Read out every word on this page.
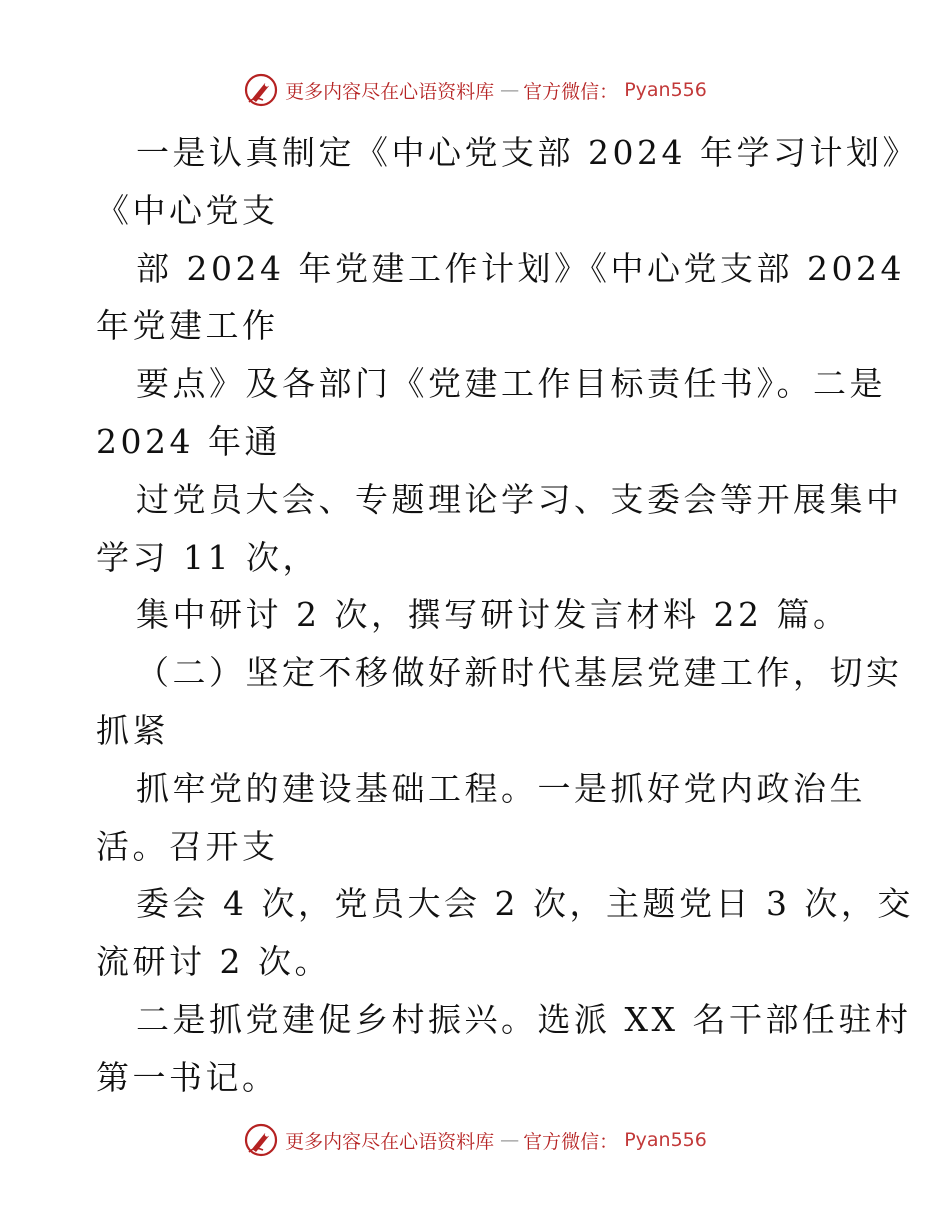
更多内容尽在心语资料库 — 官方微信： Pyan556
一是认真制定《中心党支部 2024 年学习计划》
《中心党支
部 2024 年党建工作计划》《中心党支部 2024
年党建工作
要点》及各部门《党建工作目标责任书》。二是
2024 年通
过党员大会、专题理论学习、支委会等开展集中
学习 11 次，
集中研讨 2 次，撰写研讨发言材料 22 篇。
（二）坚定不移做好新时代基层党建工作，切实
抓紧
抓牢党的建设基础工程。一是抓好党内政治生
活。召开支
委会 4 次，党员大会 2 次，主题党日 3 次，交
流研讨 2 次。
二是抓党建促乡村振兴。选派 XX 名干部任驻村
第一书记。
更多内容尽在心语资料库 — 官方微信： Pyan556
